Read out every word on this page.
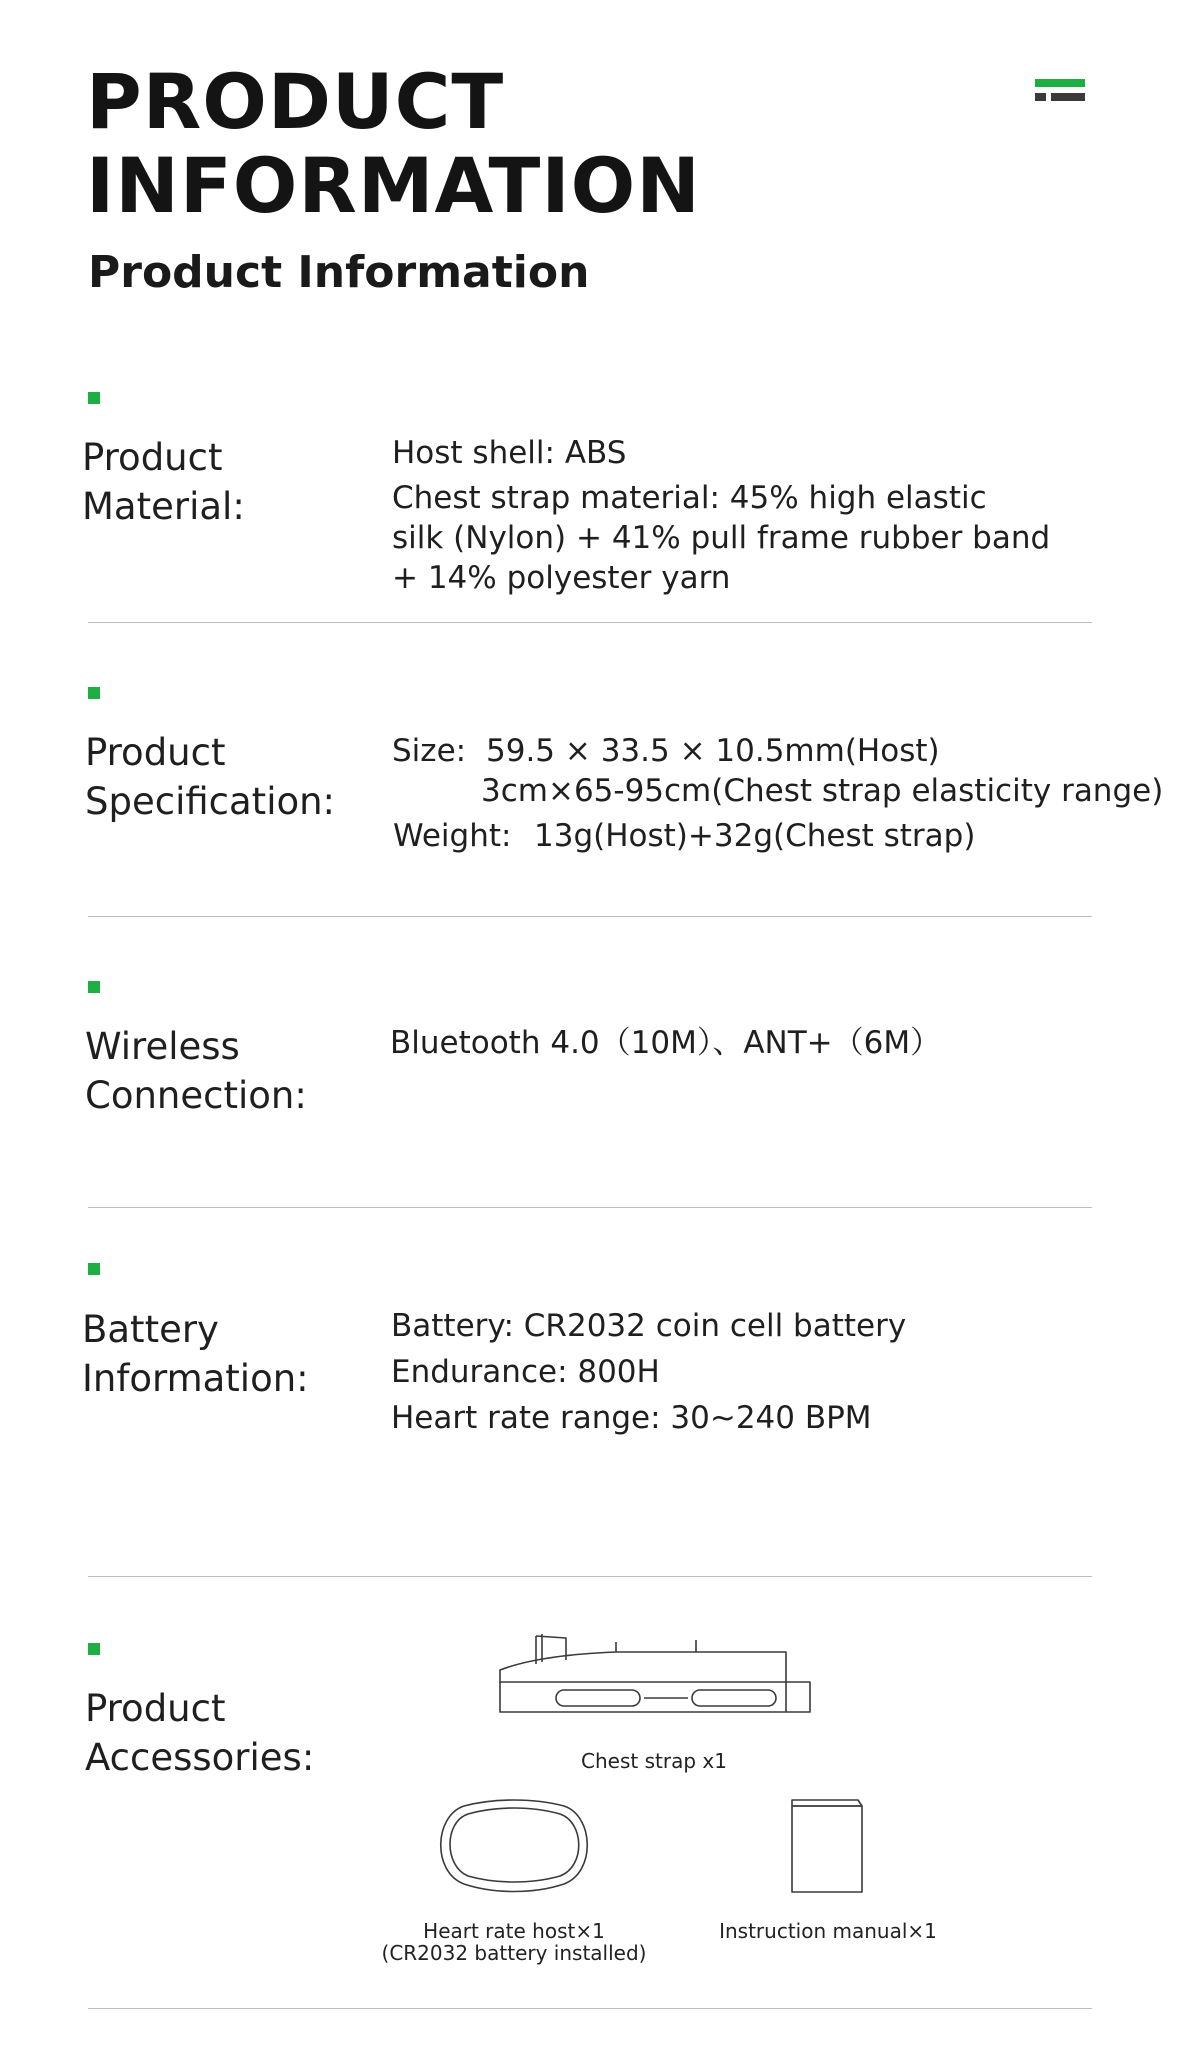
PRODUCT
INFORMATION
Product Information
Product
Material:
Host shell: ABS
Chest strap material: 45% high elastic
silk (Nylon) + 41% pull frame rubber band
+ 14% polyester yarn
Product
Specification:
Size: 59.5 × 33.5 × 10.5mm(Host)
3cm×65-95cm(Chest strap elasticity range)
Weight: 13g(Host)+32g(Chest strap)
Wireless
Connection:
Bluetooth 4.0（10M）、ANT+（6M）
Battery
Information:
Battery: CR2032 coin cell battery
Endurance: 800H
Heart rate range: 30~240 BPM
Product
Accessories:	Chest strap x1
Heart rate host×1
(CR2032 battery installed)
Instruction manual×1
